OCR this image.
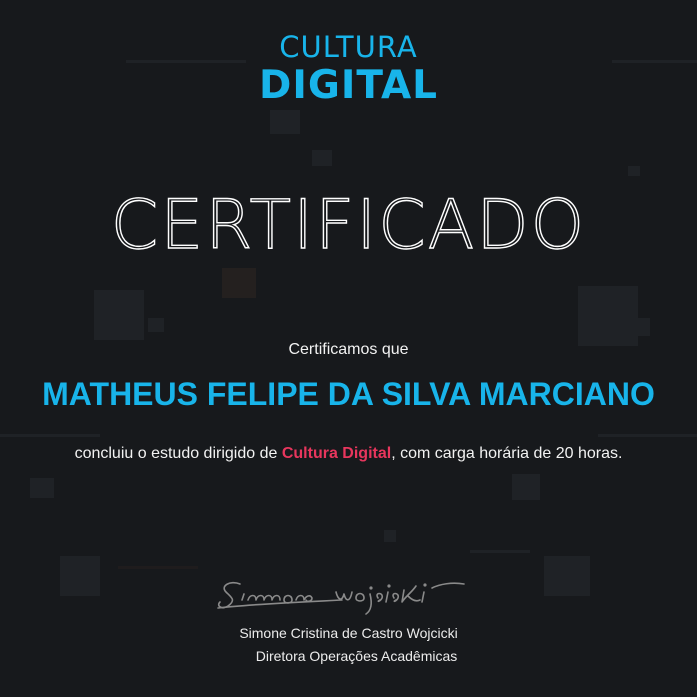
CULTURA
DIGITAL
CERTIFICADO
Certificamos que
MATHEUS FELIPE DA SILVA MARCIANO
concluiu o estudo dirigido de Cultura Digital, com carga horária de 20 horas.
Simone Cristina de Castro Wojcicki
Diretora Operações Acadêmicas
